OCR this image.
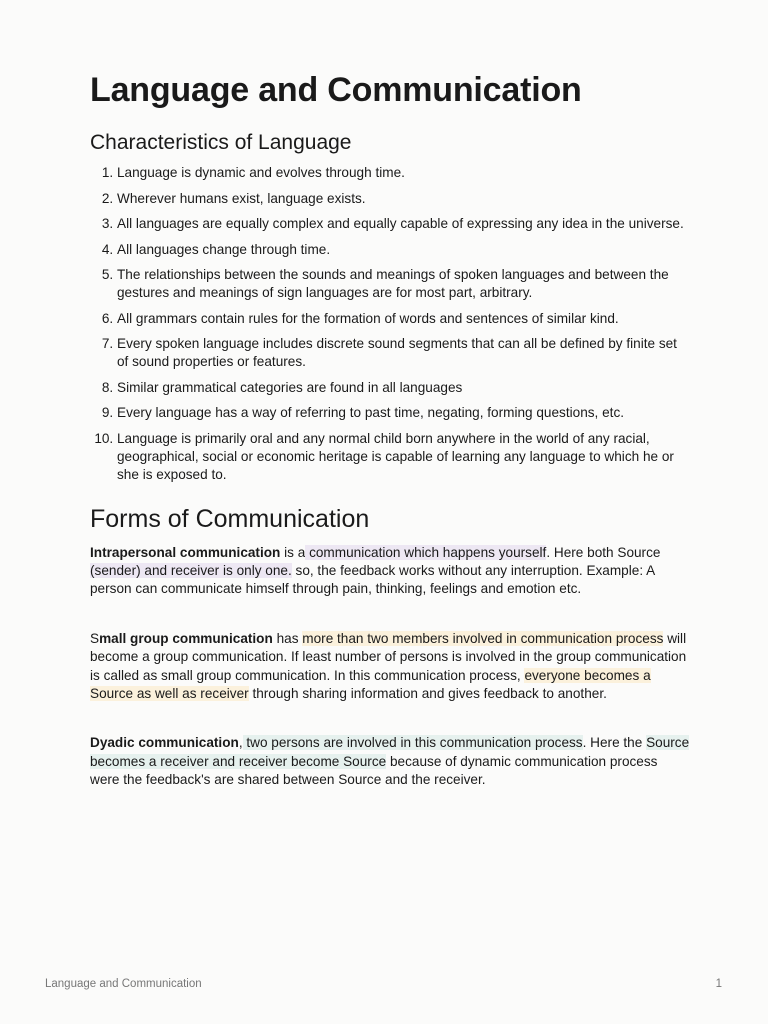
Language and Communication
Characteristics of Language
1. Language is dynamic and evolves through time.
2. Wherever humans exist, language exists.
3. All languages are equally complex and equally capable of expressing any idea in the universe.
4. All languages change through time.
5. The relationships between the sounds and meanings of spoken languages and between the gestures and meanings of sign languages are for most part, arbitrary.
6. All grammars contain rules for the formation of words and sentences of similar kind.
7. Every spoken language includes discrete sound segments that can all be defined by finite set of sound properties or features.
8. Similar grammatical categories are found in all languages
9. Every language has a way of referring to past time, negating, forming questions, etc.
10. Language is primarily oral and any normal child born anywhere in the world of any racial, geographical, social or economic heritage is capable of learning any language to which he or she is exposed to.
Forms of Communication

Intrapersonal communication is a communication which happens yourself. Here both Source (sender) and receiver is only one. so, the feedback works without any interruption. Example: A person can communicate himself through pain, thinking, feelings and emotion etc.

Small group communication has more than two members involved in communication process will become a group communication. If least number of persons is involved in the group communication is called as small group communication. In this communication process, everyone becomes a Source as well as receiver through sharing information and gives feedback to another.

Dyadic communication, two persons are involved in this communication process. Here the Source becomes a receiver and receiver become Source because of dynamic communication process were the feedback's are shared between Source and the receiver.

Language and Communication	1
